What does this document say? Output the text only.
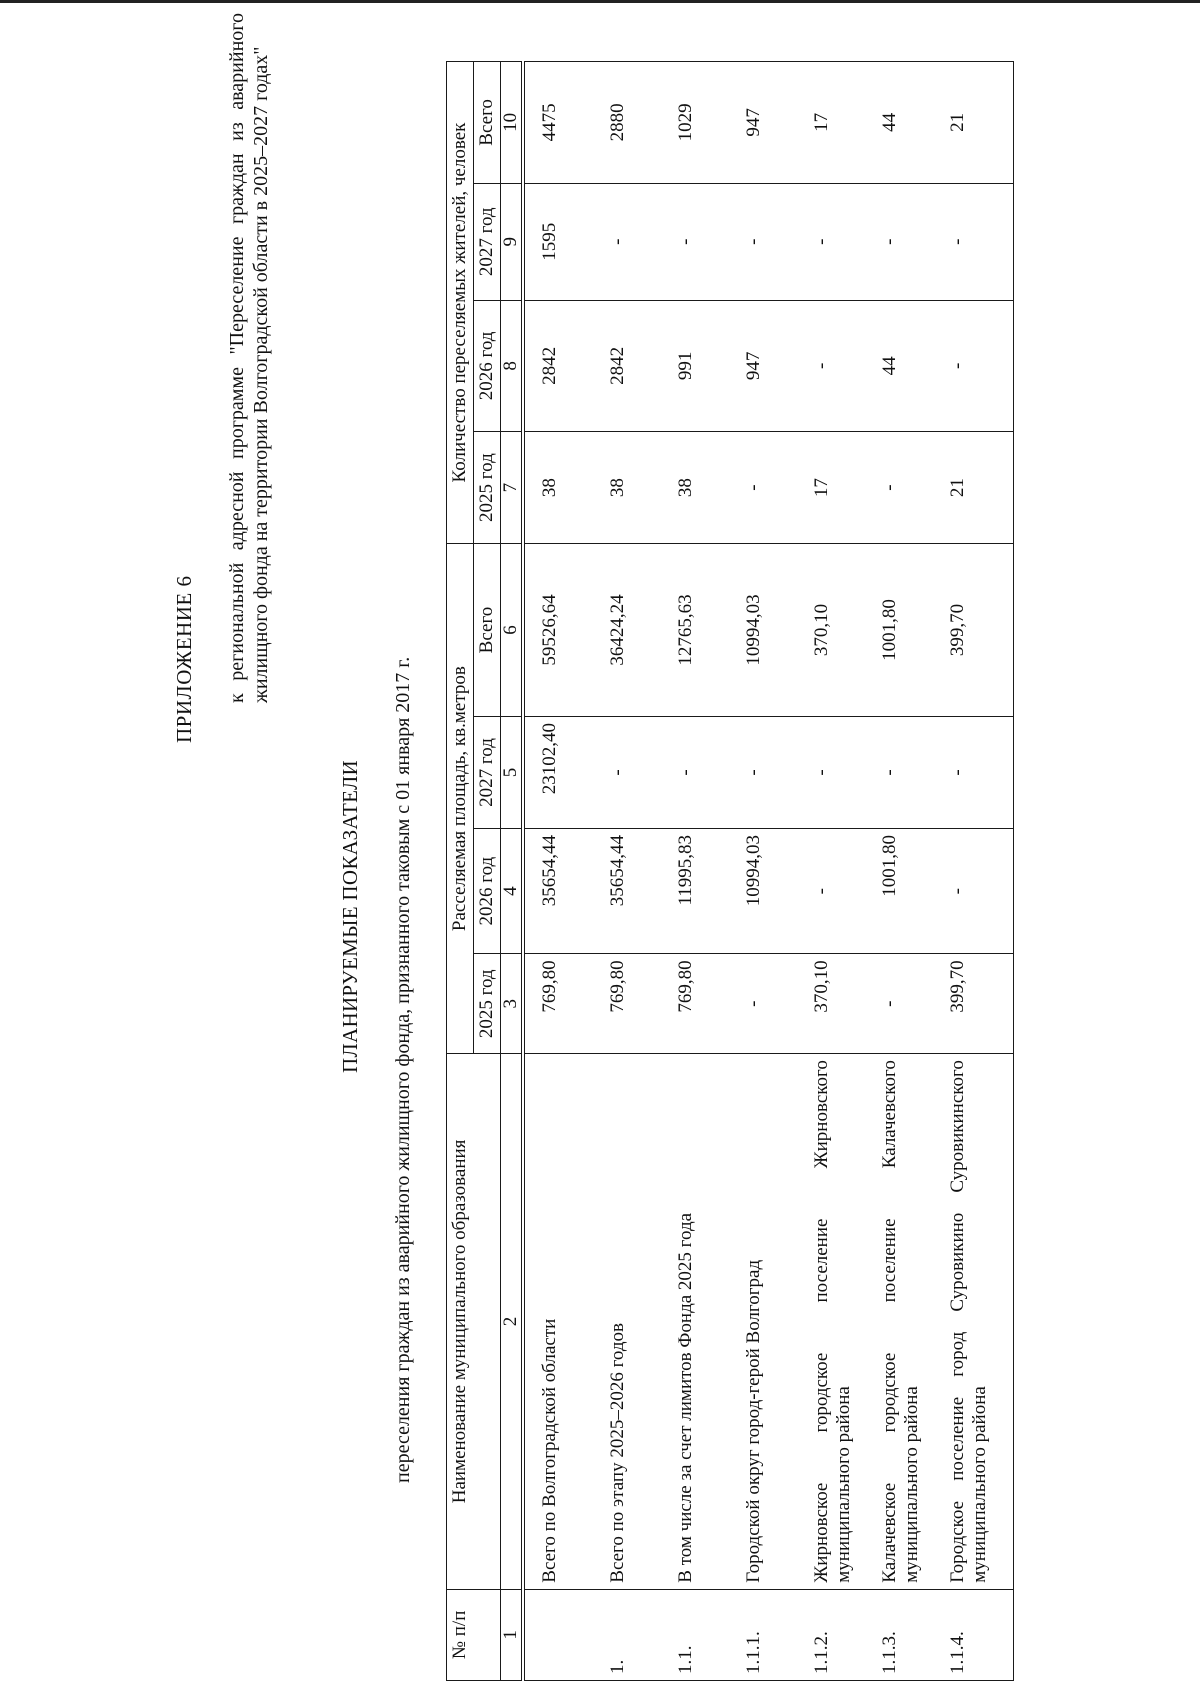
ПРИЛОЖЕНИЕ 6 к региональной адресной программе "Переселение граждан из аварийного жилищного фонда на территории Волгоградской области в 2025–2027 годах"
ПЛАНИРУЕМЫЕ ПОКАЗАТЕЛИ переселения граждан из аварийного жилищного фонда, признанного таковым с 01 января 2017 г.
№ п/п	Наименование муниципального образования	Расселяемая площадь, кв.метров				Количество переселяемых жителей, человек			
		2025 год	2026 год	2027 год	Всего	2025 год	2026 год	2027 год	Всего
1	2	3	4	5	6	7	8	9	10
	Всего по Волгоградской области	769,80	35654,44	23102,40	59526,64	38	2842	1595	4475
1.	Всего по этапу 2025–2026 годов	769,80	35654,44	-	36424,24	38	2842	-	2880
1.1.	В том числе за счет лимитов Фонда 2025 года	769,80	11995,83	-	12765,63	38	991	-	1029
1.1.1.	Городской округ город-герой Волгоград	-	10994,03	-	10994,03	-	947	-	947
1.1.2.	Жирновское городское поселение Жирновского муниципального района	370,10	-	-	370,10	17	-	-	17
1.1.3.	Калачевское городское поселение Калачевского муниципального района	-	1001,80	-	1001,80	-	44	-	44
1.1.4.	Городское поселение город Суровикино Суровикинского муниципального района	399,70	-	-	399,70	21	-	-	21
